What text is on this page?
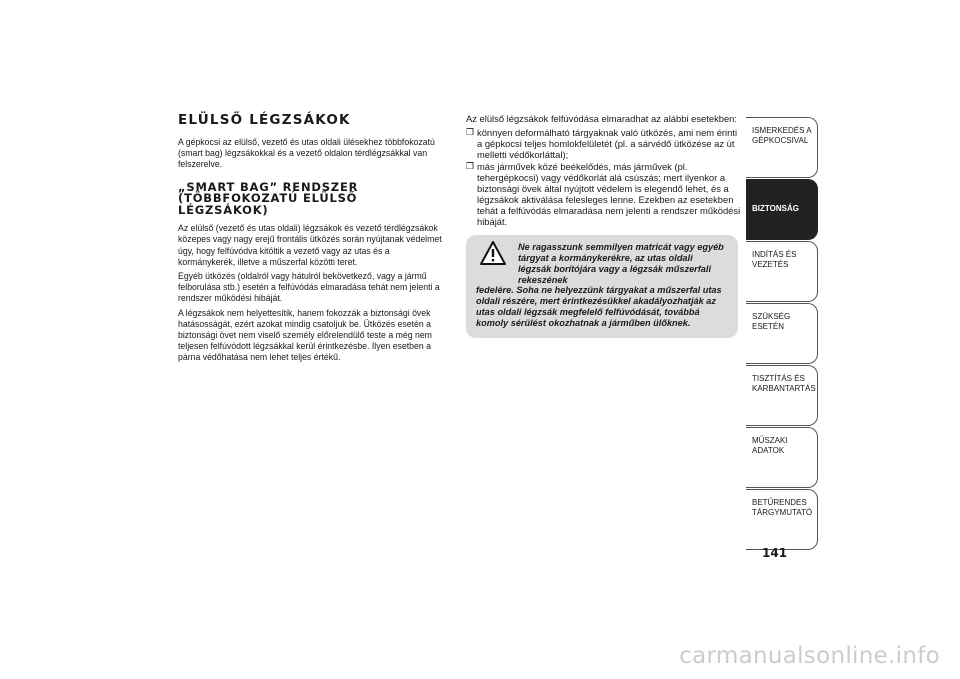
ELÜLSŐ LÉGZSÁKOK

A gépkocsi az elülső, vezető és utas oldali ülésekhez többfokozatú (smart bag) légzsákokkal és a vezető oldalon térdlégzsákkal van felszerelve.

„SMART BAG” RENDSZER (TÖBBFOKOZATÚ ELÜLSŐ LÉGZSÁKOK)

Az elülső (vezető és utas oldali) légzsákok és vezető térdlégzsákok közepes vagy nagy erejű frontális ütközés során nyújtanak védelmet úgy, hogy felfúvódva kitöltik a vezető vagy az utas és a kormánykerék, illetve a műszerfal közötti teret.

Egyéb ütközés (oldalról vagy hátulról bekövetkező, vagy a jármű felborulása stb.) esetén a felfúvódás elmaradása tehát nem jelenti a rendszer működési hibáját.

A légzsákok nem helyettesítik, hanem fokozzák a biztonsági övek hatásosságát, ezért azokat mindig csatoljuk be. Ütközés esetén a biztonsági övet nem viselő személy előrelendülő teste a még nem teljesen felfúvódott légzsákkal kerül érintkezésbe. Ilyen esetben a párna védőhatása nem lehet teljes értékű.

Az elülső légzsákok felfúvódása elmaradhat az alábbi esetekben:
❐ könnyen deformálható tárgyaknak való ütközés, ami nem érinti a gépkocsi teljes homlokfelületét (pl. a sárvédő ütközése az út melletti védőkorláttal);
❐ más járművek közé beékelődés, más járművek (pl. tehergépkocsi) vagy védőkorlát alá csúszás; mert ilyenkor a biztonsági övek által nyújtott védelem is elegendő lehet, és a légzsákok aktiválása felesleges lenne. Ezekben az esetekben tehát a felfúvódás elmaradása nem jelenti a rendszer működési hibáját.
Ne ragasszunk semmilyen matricát vagy egyéb tárgyat a kormánykerékre, az utas oldali légzsák borítójára vagy a légzsák műszerfali rekeszének
fedelére. Soha ne helyezzünk tárgyakat a műszerfal utas oldali részére, mert érintkezésükkel akadályozhatják az utas oldali légzsák megfelelő felfúvódását, továbbá komoly sérülést okozhatnak a járműben ülőknek.
ISMERKEDÉS A GÉPKOCSIVAL
BIZTONSÁG
INDÍTÁS ÉS VEZETÉS
SZÜKSÉG ESETÉN
TISZTÍTÁS ÉS KARBANTARTÁS
MŰSZAKI ADATOK
BETŰRENDES TÁRGYMUTATÓ
141
carmanualsonline.info
